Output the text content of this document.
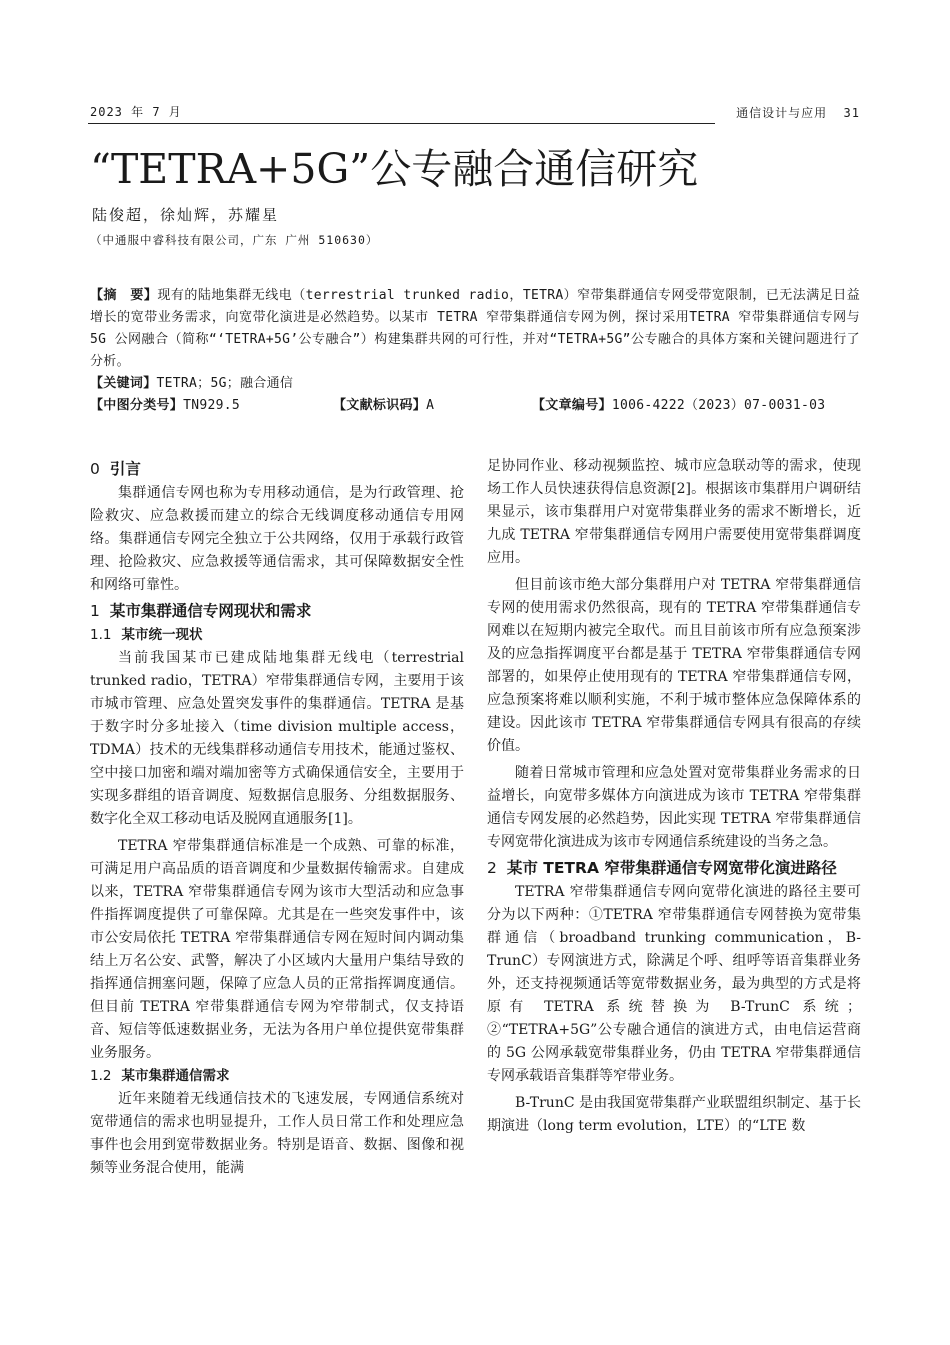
2023 年 7 月	通信设计与应用 31
“TETRA+5G”公专融合通信研究
陆俊超，徐灿辉，苏耀星
（中通服中睿科技有限公司，广东 广州 510630）

【摘　要】现有的陆地集群无线电（terrestrial trunked radio，TETRA）窄带集群通信专网受带宽限制，已无法满足日益增长的宽带业务需求，向宽带化演进是必然趋势。以某市 TETRA 窄带集群通信专网为例，探讨采用TETRA 窄带集群通信专网与 5G 公网融合（简称“‘TETRA+5G’公专融合”）构建集群共网的可行性，并对“TETRA+5G”公专融合的具体方案和关键问题进行了分析。

【关键词】TETRA；5G；融合通信

【中图分类号】TN929.5	【文献标识码】A	【文章编号】1006-4222（2023）07-0031-03
0 引言

集群通信专网也称为专用移动通信，是为行政管理、抢险救灾、应急救援而建立的综合无线调度移动通信专用网络。集群通信专网完全独立于公共网络，仅用于承载行政管理、抢险救灾、应急救援等通信需求，其可保障数据安全性和网络可靠性。

1 某市集群通信专网现状和需求
1.1 某市统一现状

当前我国某市已建成陆地集群无线电（terrestrial trunked radio，TETRA）窄带集群通信专网，主要用于该市城市管理、应急处置突发事件的集群通信。TETRA 是基于数字时分多址接入（time division multiple access，TDMA）技术的无线集群移动通信专用技术，能通过鉴权、空中接口加密和端对端加密等方式确保通信安全，主要用于实现多群组的语音调度、短数据信息服务、分组数据服务、数字化全双工移动电话及脱网直通服务[1]。

TETRA 窄带集群通信标准是一个成熟、可靠的标准，可满足用户高品质的语音调度和少量数据传输需求。自建成以来，TETRA 窄带集群通信专网为该市大型活动和应急事件指挥调度提供了可靠保障。尤其是在一些突发事件中，该市公安局依托 TETRA 窄带集群通信专网在短时间内调动集结上万名公安、武警，解决了小区域内大量用户集结导致的指挥通信拥塞问题，保障了应急人员的正常指挥调度通信。但目前 TETRA 窄带集群通信专网为窄带制式，仅支持语音、短信等低速数据业务，无法为各用户单位提供宽带集群业务服务。

1.2 某市集群通信需求

近年来随着无线通信技术的飞速发展，专网通信系统对宽带通信的需求也明显提升，工作人员日常工作和处理应急事件也会用到宽带数据业务。特别是语音、数据、图像和视频等业务混合使用，能满

足协同作业、移动视频监控、城市应急联动等的需求，使现场工作人员快速获得信息资源[2]。根据该市集群用户调研结果显示，该市集群用户对宽带集群业务的需求不断增长，近九成 TETRA 窄带集群通信专网用户需要使用宽带集群调度应用。

但目前该市绝大部分集群用户对 TETRA 窄带集群通信专网的使用需求仍然很高，现有的 TETRA 窄带集群通信专网难以在短期内被完全取代。而且目前该市所有应急预案涉及的应急指挥调度平台都是基于 TETRA 窄带集群通信专网部署的，如果停止使用现有的 TETRA 窄带集群通信专网，应急预案将难以顺利实施，不利于城市整体应急保障体系的建设。因此该市 TETRA 窄带集群通信专网具有很高的存续价值。

随着日常城市管理和应急处置对宽带集群业务需求的日益增长，向宽带多媒体方向演进成为该市 TETRA 窄带集群通信专网发展的必然趋势，因此实现 TETRA 窄带集群通信专网宽带化演进成为该市专网通信系统建设的当务之急。

2 某市 TETRA 窄带集群通信专网宽带化演进路径

TETRA 窄带集群通信专网向宽带化演进的路径主要可分为以下两种：①TETRA 窄带集群通信专网替换为宽带集群通信（broadband trunking communication，B-TrunC）专网演进方式，除满足个呼、组呼等语音集群业务外，还支持视频通话等宽带数据业务，最为典型的方式是将原有 TETRA 系统替换为 B-TrunC 系统；②“TETRA+5G”公专融合通信的演进方式，由电信运营商的 5G 公网承载宽带集群业务，仍由 TETRA 窄带集群通信专网承载语音集群等窄带业务。

B-TrunC 是由我国宽带集群产业联盟组织制定、基于长期演进（long term evolution，LTE）的“LTE 数
